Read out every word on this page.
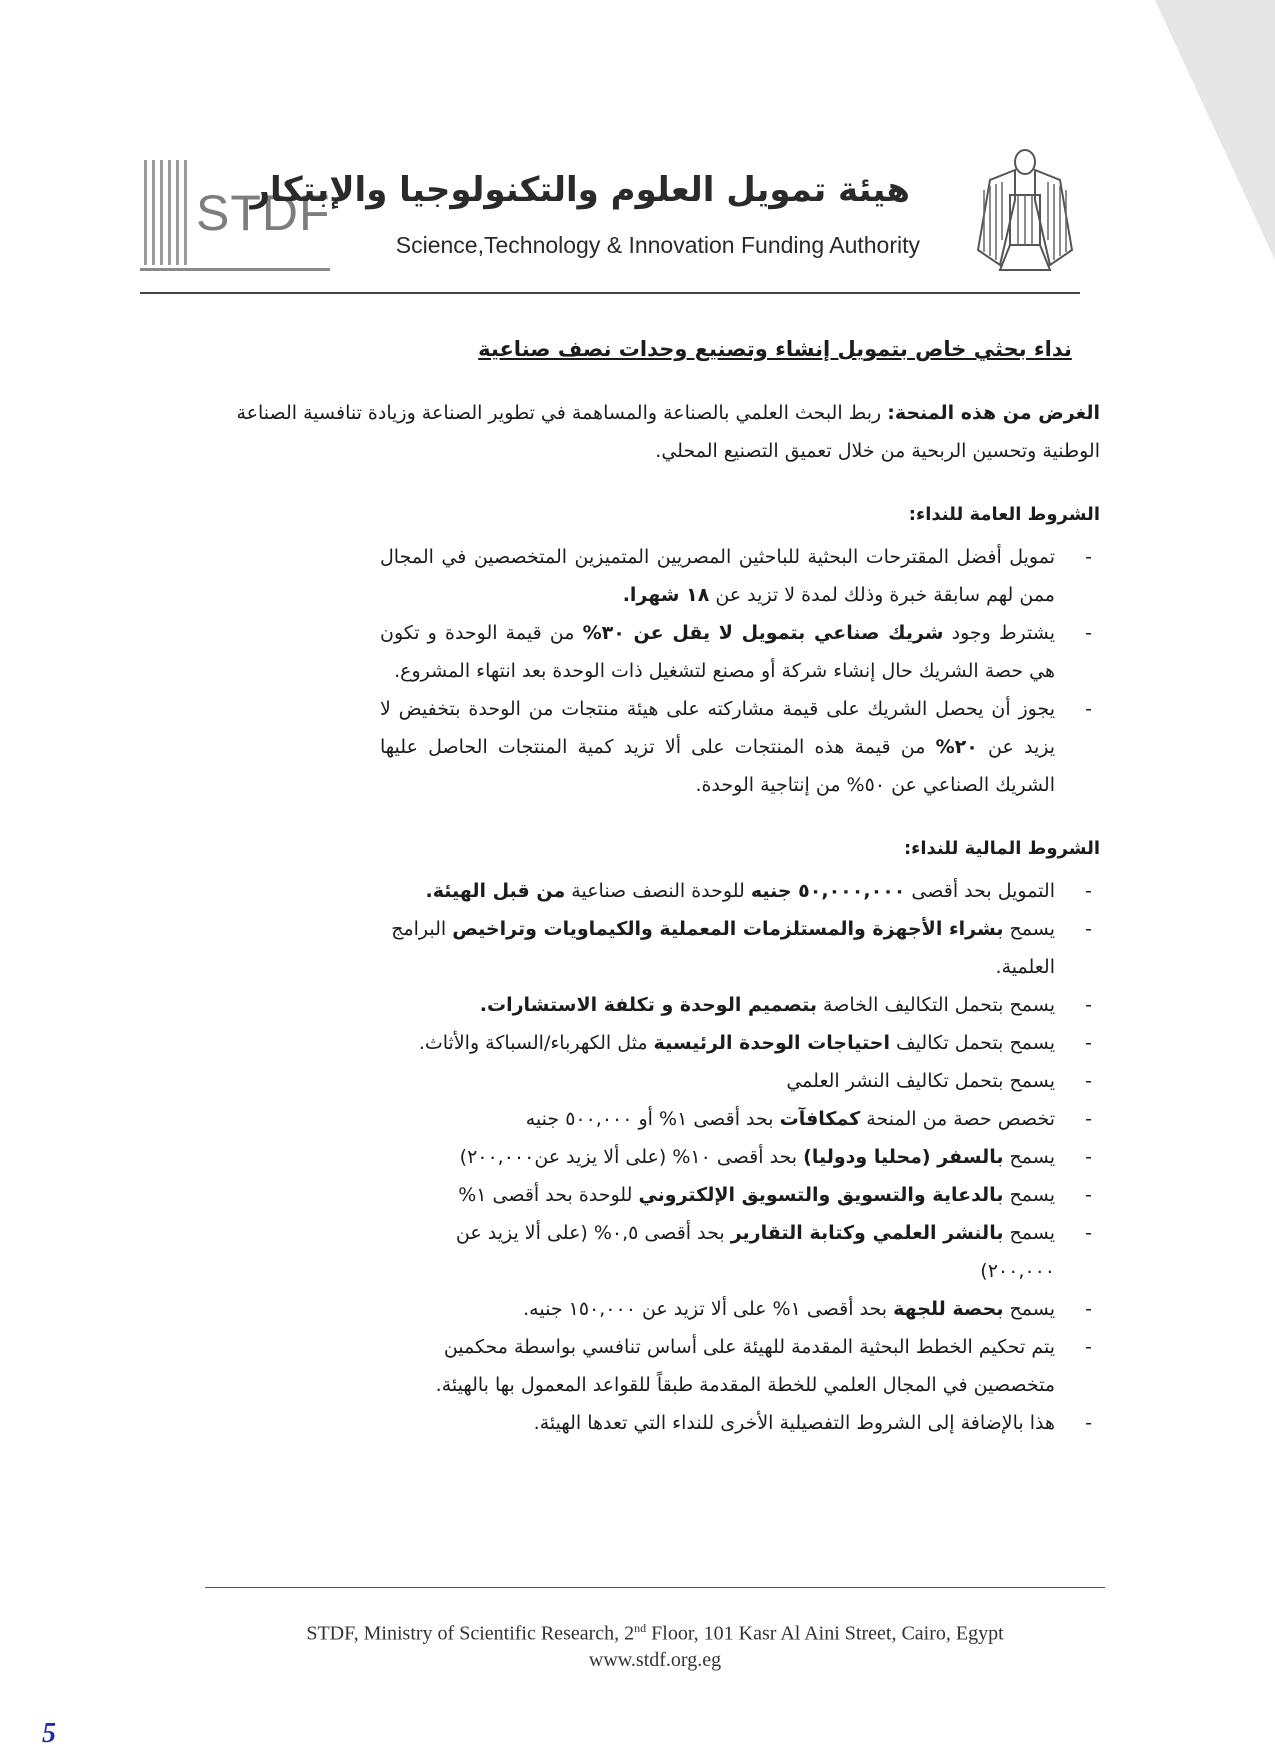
STDF
هيئة تمويل العلوم والتكنولوجيا والإبتكار
Science,Technology & Innovation Funding Authority
نداء بحثي خاص بتمويل إنشاء وتصنيع وحدات نصف صناعية

الغرض من هذه المنحة: ربط البحث العلمي بالصناعة والمساهمة في تطوير الصناعة وزيادة تنافسية الصناعة الوطنية وتحسين الربحية من خلال تعميق التصنيع المحلي.

الشروط العامة للنداء:
- تمويل أفضل المقترحات البحثية للباحثين المصريين المتميزين المتخصصين في المجال ممن لهم سابقة خبرة وذلك لمدة لا تزيد عن ١٨ شهرا.
- يشترط وجود شريك صناعي بتمويل لا يقل عن ٣٠% من قيمة الوحدة و تكون هي حصة الشريك حال إنشاء شركة أو مصنع لتشغيل ذات الوحدة بعد انتهاء المشروع.
- يجوز أن يحصل الشريك على قيمة مشاركته على هيئة منتجات من الوحدة بتخفيض لا يزيد عن ٢٠% من قيمة هذه المنتجات على ألا تزيد كمية المنتجات الحاصل عليها الشريك الصناعي عن ٥٠% من إنتاجية الوحدة.
الشروط المالية للنداء:
- التمويل بحد أقصى ٥٠,٠٠٠,٠٠٠ جنيه للوحدة النصف صناعية من قبل الهيئة.
- يسمح بشراء الأجهزة والمستلزمات المعملية والكيماويات وتراخيص البرامج العلمية.
- يسمح بتحمل التكاليف الخاصة بتصميم الوحدة و تكلفة الاستشارات.
- يسمح بتحمل تكاليف احتياجات الوحدة الرئيسية مثل الكهرباء/السباكة والأثاث.
- يسمح بتحمل تكاليف النشر العلمي
- تخصص حصة من المنحة كمكافآت بحد أقصى ١% أو ٥٠٠,٠٠٠ جنيه
- يسمح بالسفر (محليا ودوليا) بحد أقصى ١٠% (على ألا يزيد عن٢٠٠,٠٠٠)
- يسمح بالدعاية والتسويق والتسويق الإلكتروني للوحدة بحد أقصى ١%
- يسمح بالنشر العلمي وكتابة التقارير بحد أقصى ٠,٥% (على ألا يزيد عن ٢٠٠,٠٠٠)
- يسمح بحصة للجهة بحد أقصى ١% على ألا تزيد عن ١٥٠,٠٠٠ جنيه.
- يتم تحكيم الخطط البحثية المقدمة للهيئة على أساس تنافسي بواسطة محكمين متخصصين في المجال العلمي للخطة المقدمة طبقاً للقواعد المعمول بها بالهيئة.
- هذا بالإضافة إلى الشروط التفصيلية الأخرى للنداء التي تعدها الهيئة.
STDF, Ministry of Scientific Research, 2nd Floor, 101 Kasr Al Aini Street, Cairo, Egypt
www.stdf.org.eg
5
